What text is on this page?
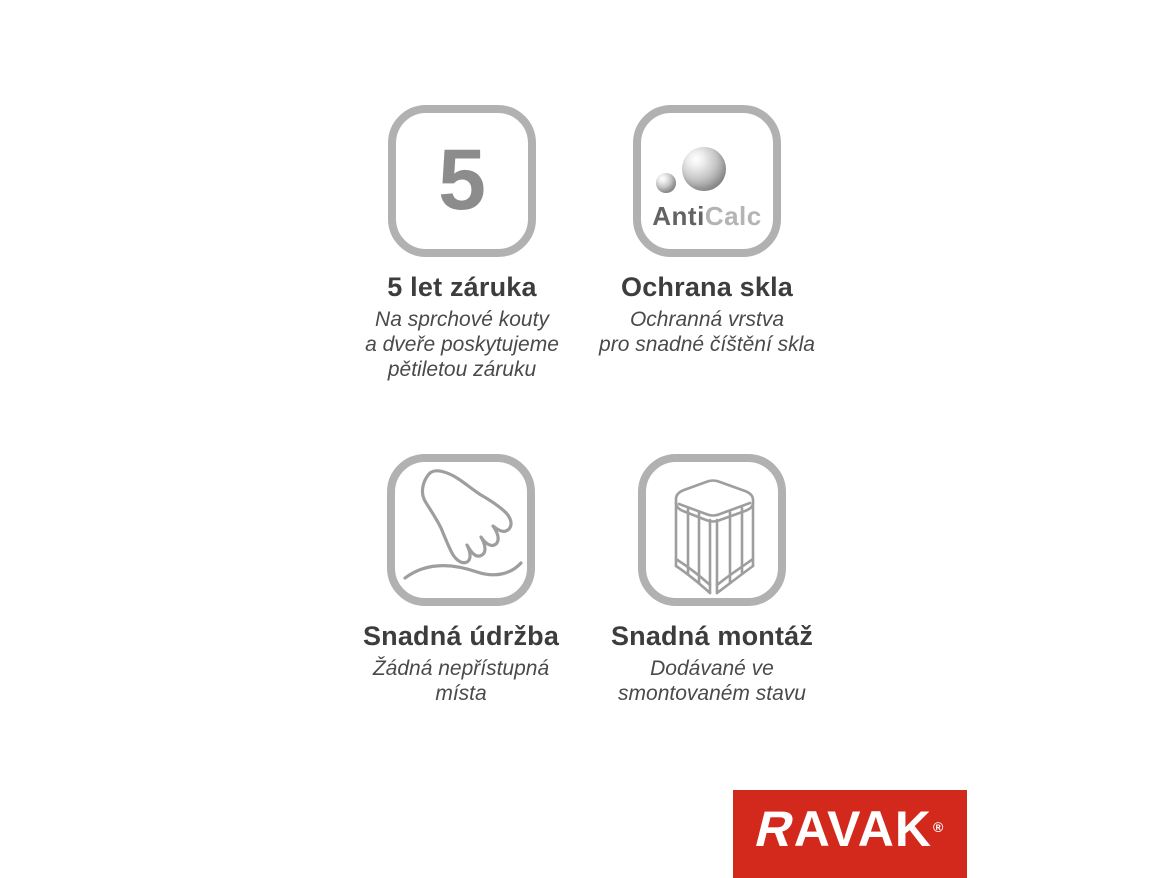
5
5 let záruka
Na sprchové kouty
a dveře poskytujeme
pětiletou záruku
AntiCalc
Ochrana skla
Ochranná vrstva
pro snadné číštění skla
Snadná údržba
Žádná nepřístupná
místa
Snadná montáž
Dodávané ve
smontovaném stavu
RAVAK®
